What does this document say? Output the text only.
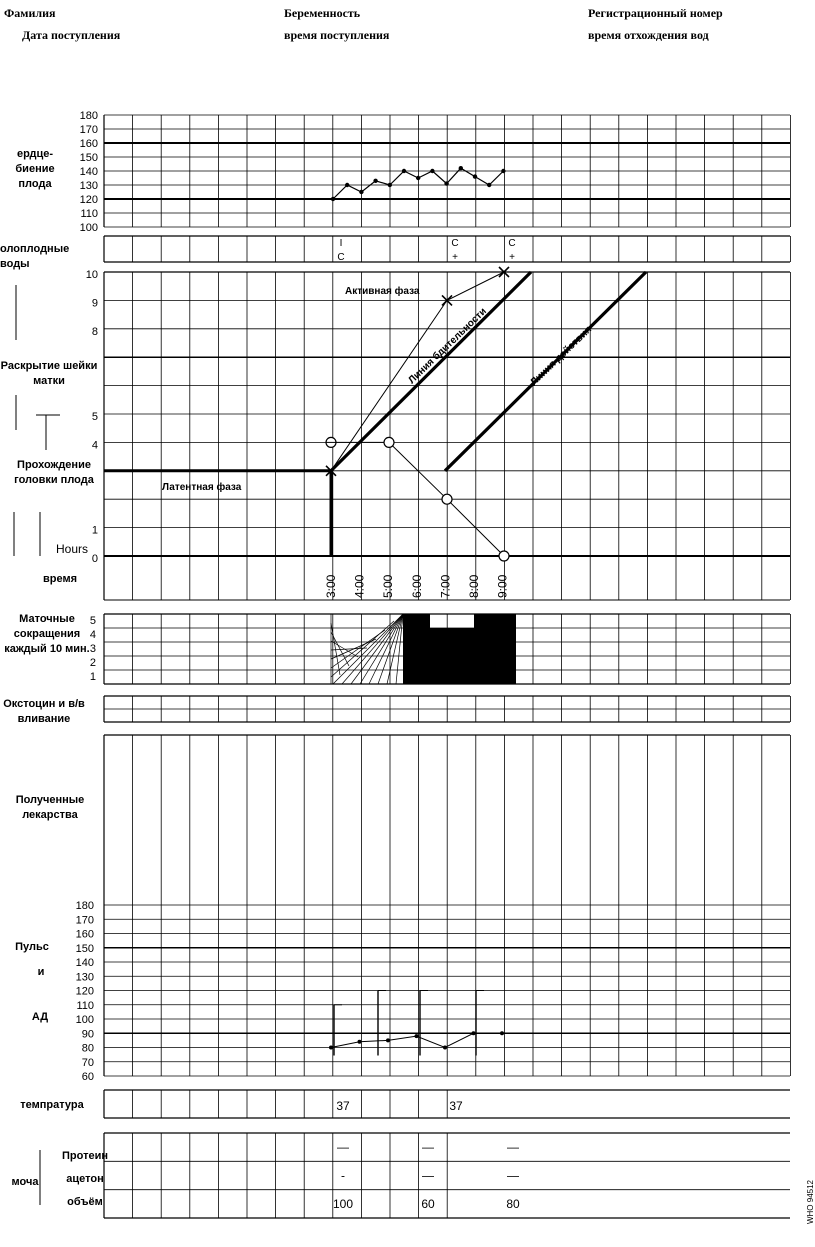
Фамилия	Беременность	Регистрационный номер
Дата поступления	время поступления	время отхождения вод
ердце-биение
плода
олоплодные воды
Раскрытие шейки
матки
Прохождение
головки плода
Hours
время
Маточные
сокращения
каждый 10 мин.
Окстоцин и в/в
вливание
Полученные
лекарства
Пульс
и
АД
темпратура
моча
Протеин
ацетон
объём	WHO 94512
180
170
160
150
140
130
120
110
100
10
9
8
5
4
1
0
5
4
3
2
1
180
170
160
150
140
130
120
110
100
90
80
70
60
I
C
C
+
C
+
3:00 4:00 5:00 6:00 7:00 8:00 9:00
37	37
—	—	—
-	—	—
100	60	80
Активная фаза
Латентная фаза
Линия бдительности	Линия действия
